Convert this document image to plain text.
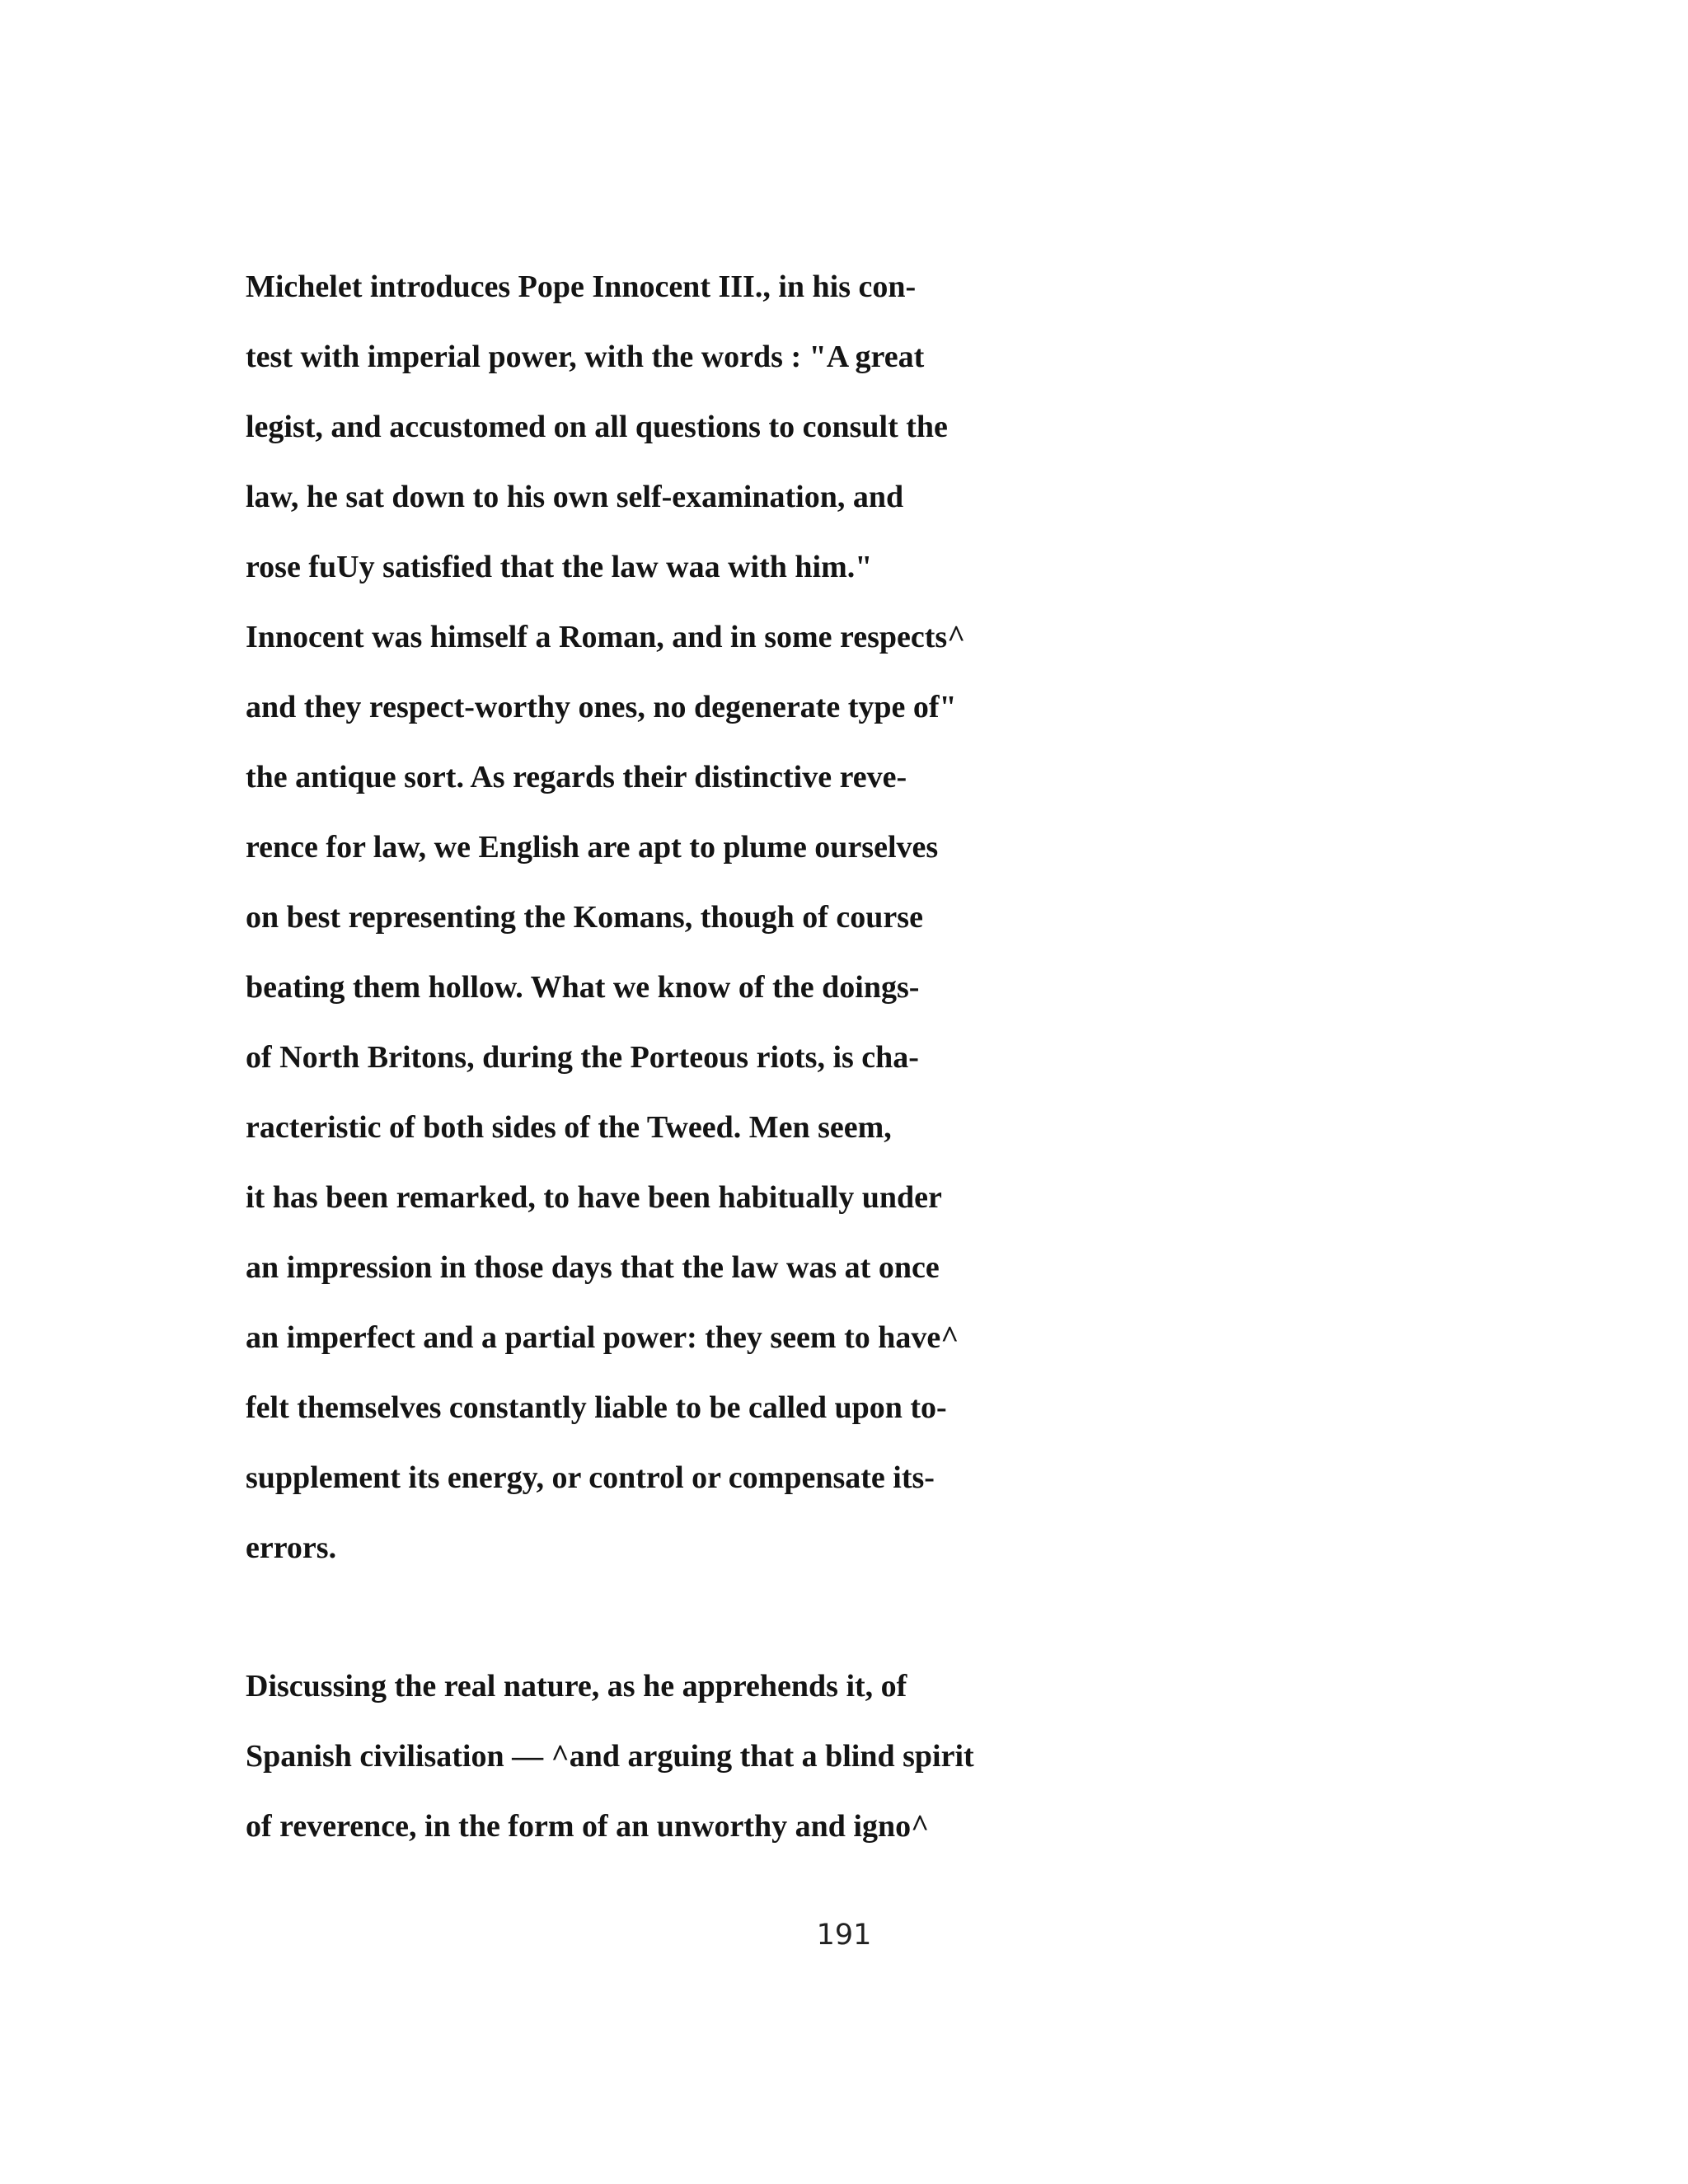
Michelet introduces Pope Innocent III., in his con-
test with imperial power, with the words : "A great
legist, and accustomed on all questions to consult the
law, he sat down to his own self-examination, and
rose fuUy satisfied that the law waa with him."
Innocent was himself a Roman, and in some respects^
and they respect-worthy ones, no degenerate type of"
the antique sort. As regards their distinctive reve-
rence for law, we English are apt to plume ourselves
on best representing the Komans, though of course
beating them hollow. What we know of the doings-
of North Britons, during the Porteous riots, is cha-
racteristic of both sides of the Tweed. Men seem,
it has been remarked, to have been habitually under
an impression in those days that the law was at once
an imperfect and a partial power: they seem to have^
felt themselves constantly liable to be called upon to-
supplement its energy, or control or compensate its-
errors.
Discussing the real nature, as he apprehends it, of
Spanish civilisation — ^and arguing that a blind spirit
of reverence, in the form of an unworthy and igno^
191
